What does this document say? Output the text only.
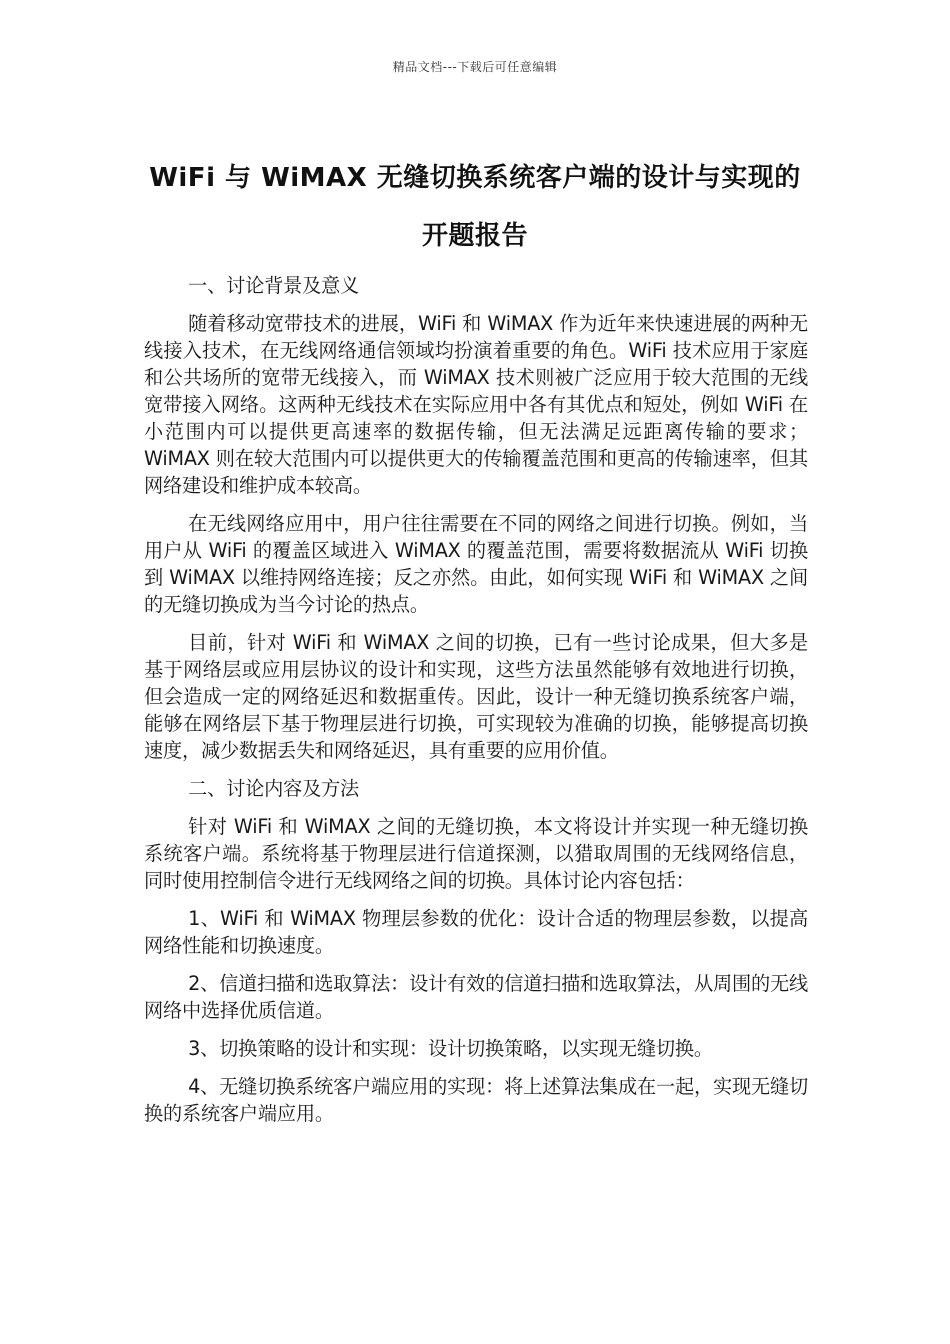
精品文档---下载后可任意编辑
WiFi 与 WiMAX 无缝切换系统客户端的设计与实现的
开题报告

一、讨论背景及意义

随着移动宽带技术的进展，WiFi 和 WiMAX 作为近年来快速进展的两种无线接入技术，在无线网络通信领域均扮演着重要的角色。WiFi 技术应用于家庭和公共场所的宽带无线接入，而 WiMAX 技术则被广泛应用于较大范围的无线宽带接入网络。这两种无线技术在实际应用中各有其优点和短处，例如 WiFi 在小范围内可以提供更高速率的数据传输，但无法满足远距离传输的要求；WiMAX 则在较大范围内可以提供更大的传输覆盖范围和更高的传输速率，但其网络建设和维护成本较高。

在无线网络应用中，用户往往需要在不同的网络之间进行切换。例如，当用户从 WiFi 的覆盖区域进入 WiMAX 的覆盖范围，需要将数据流从 WiFi 切换到 WiMAX 以维持网络连接；反之亦然。由此，如何实现 WiFi 和 WiMAX 之间的无缝切换成为当今讨论的热点。

目前，针对 WiFi 和 WiMAX 之间的切换，已有一些讨论成果，但大多是基于网络层或应用层协议的设计和实现，这些方法虽然能够有效地进行切换，但会造成一定的网络延迟和数据重传。因此，设计一种无缝切换系统客户端，能够在网络层下基于物理层进行切换，可实现较为准确的切换，能够提高切换速度，减少数据丢失和网络延迟，具有重要的应用价值。

二、讨论内容及方法

针对 WiFi 和 WiMAX 之间的无缝切换，本文将设计并实现一种无缝切换系统客户端。系统将基于物理层进行信道探测，以猎取周围的无线网络信息，同时使用控制信令进行无线网络之间的切换。具体讨论内容包括：

1、WiFi 和 WiMAX 物理层参数的优化：设计合适的物理层参数，以提高网络性能和切换速度。

2、信道扫描和选取算法：设计有效的信道扫描和选取算法，从周围的无线网络中选择优质信道。

3、切换策略的设计和实现：设计切换策略，以实现无缝切换。

4、无缝切换系统客户端应用的实现：将上述算法集成在一起，实现无缝切换的系统客户端应用。
